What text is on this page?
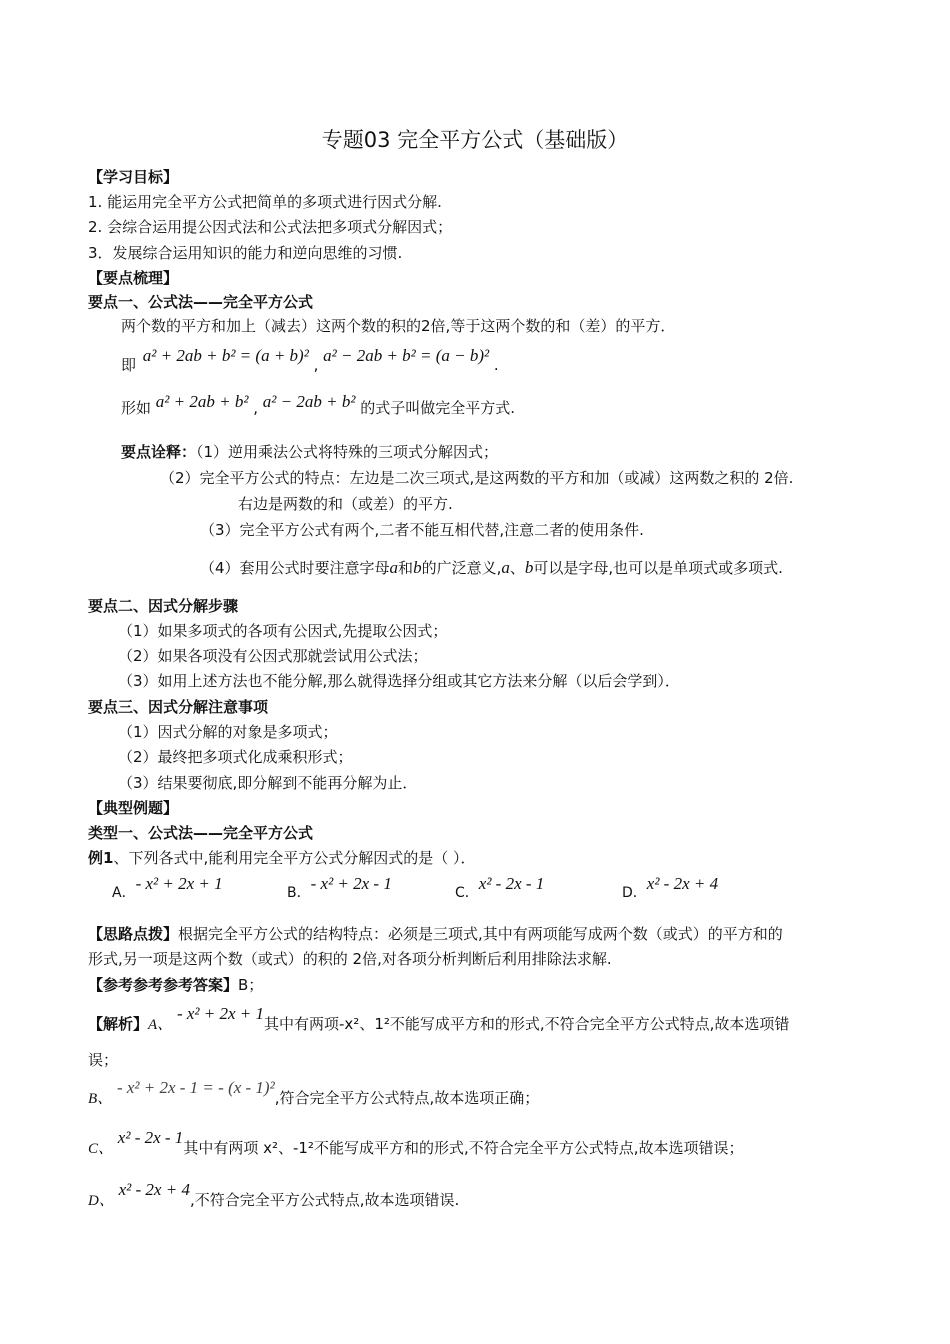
专题03 完全平方公式（基础版）
【学习目标】
1. 能运用完全平方公式把简单的多项式进行因式分解.
2. 会综合运用提公因式法和公式法把多项式分解因式；
3．发展综合运用知识的能力和逆向思维的习惯.
【要点梳理】
要点一、公式法——完全平方公式
两个数的平方和加上（减去）这两个数的积的2倍,等于这两个数的和（差）的平方．
即 a² + 2ab + b² = (a + b)² , a² − 2ab + b² = (a − b)² .
形如 a² + 2ab + b² , a² − 2ab + b² 的式子叫做完全平方式.
要点诠释：（1）逆用乘法公式将特殊的三项式分解因式；
（2）完全平方公式的特点：左边是二次三项式,是这两数的平方和加（或减）这两数之积的 2倍.
右边是两数的和（或差）的平方.
（3）完全平方公式有两个,二者不能互相代替,注意二者的使用条件.
（4）套用公式时要注意字母a和b的广泛意义,a、b可以是字母,也可以是单项式或多项式.
要点二、因式分解步骤
（1）如果多项式的各项有公因式,先提取公因式；
（2）如果各项没有公因式那就尝试用公式法；
（3）如用上述方法也不能分解,那么就得选择分组或其它方法来分解（以后会学到）．
要点三、因式分解注意事项
（1）因式分解的对象是多项式；
（2）最终把多项式化成乘积形式；
（3）结果要彻底,即分解到不能再分解为止．
【典型例题】
类型一、公式法——完全平方公式
例1、下列各式中,能利用完全平方公式分解因式的是（ ）．
A．- x² + 2x + 1	B．- x² + 2x - 1	C．x² - 2x - 1	D．x² - 2x + 4
【思路点拨】根据完全平方公式的结构特点：必须是三项式,其中有两项能写成两个数（或式）的平方和的
形式,另一项是这两个数（或式）的积的 2倍,对各项分析判断后利用排除法求解.
【参考参考参考答案】B；
【解析】A、 - x² + 2x + 1其中有两项-x²、1²不能写成平方和的形式,不符合完全平方公式特点,故本选项错
误；
B、 - x² + 2x - 1 = - (x - 1)²,符合完全平方公式特点,故本选项正确；
C、 x² - 2x - 1其中有两项 x²、-1²不能写成平方和的形式,不符合完全平方公式特点,故本选项错误；
D、 x² - 2x + 4,不符合完全平方公式特点,故本选项错误.
